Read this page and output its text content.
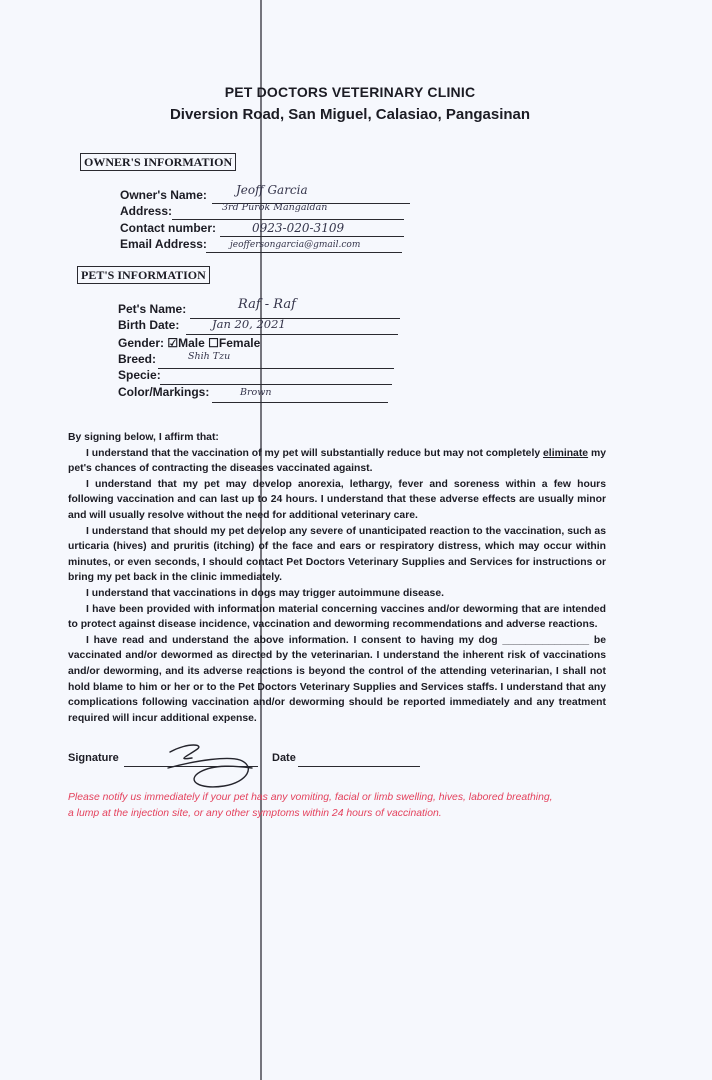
PET DOCTORS VETERINARY CLINIC
Diversion Road, San Miguel, Calasiao, Pangasinan
OWNER'S INFORMATION
Owner's Name: Jeoff Garcia
Address:	3rd Purok Mangaldan
Contact number:	0923-020-3109
Email Address:	jeoffersongarcia@gmail.com
PET'S INFORMATION
Pet's Name:	Raf - Raf
Birth Date:	Jan 20, 2021
Gender: ☑Male ☐Female
Breed:	Shih Tzu
Specie:
Color/Markings:	Brown

By signing below, I affirm that:

I understand that the vaccination of my pet will substantially reduce but may not completely eliminate my pet's chances of contracting the diseases vaccinated against.

I understand that my pet may develop anorexia, lethargy, fever and soreness within a few hours following vaccination and can last up to 24 hours. I understand that these adverse effects are usually minor and will usually resolve without the need for additional veterinary care.

I understand that should my pet develop any severe of unanticipated reaction to the vaccination, such as urticaria (hives) and pruritis (itching) of the face and ears or respiratory distress, which may occur within minutes, or even seconds, I should contact Pet Doctors Veterinary Supplies and Services for instructions or bring my pet back in the clinic immediately.

I understand that vaccinations in dogs may trigger autoimmune disease.

I have been provided with information material concerning vaccines and/or deworming that are intended to protect against disease incidence, vaccination and deworming recommendations and adverse reactions.

I have read and understand the above information. I consent to having my dog _______________ be vaccinated and/or dewormed as directed by the veterinarian. I understand the inherent risk of vaccinations and/or deworming, and its adverse reactions is beyond the control of the attending veterinarian, I shall not hold blame to him or her or to the Pet Doctors Veterinary Supplies and Services staffs. I understand that any complications following vaccination and/or deworming should be reported immediately and any treatment required will incur additional expense.

Signature	Date
Please notify us immediately if your pet has any vomiting, facial or limb swelling, hives, labored breathing, a lump at the injection site, or any other symptoms within 24 hours of vaccination.
